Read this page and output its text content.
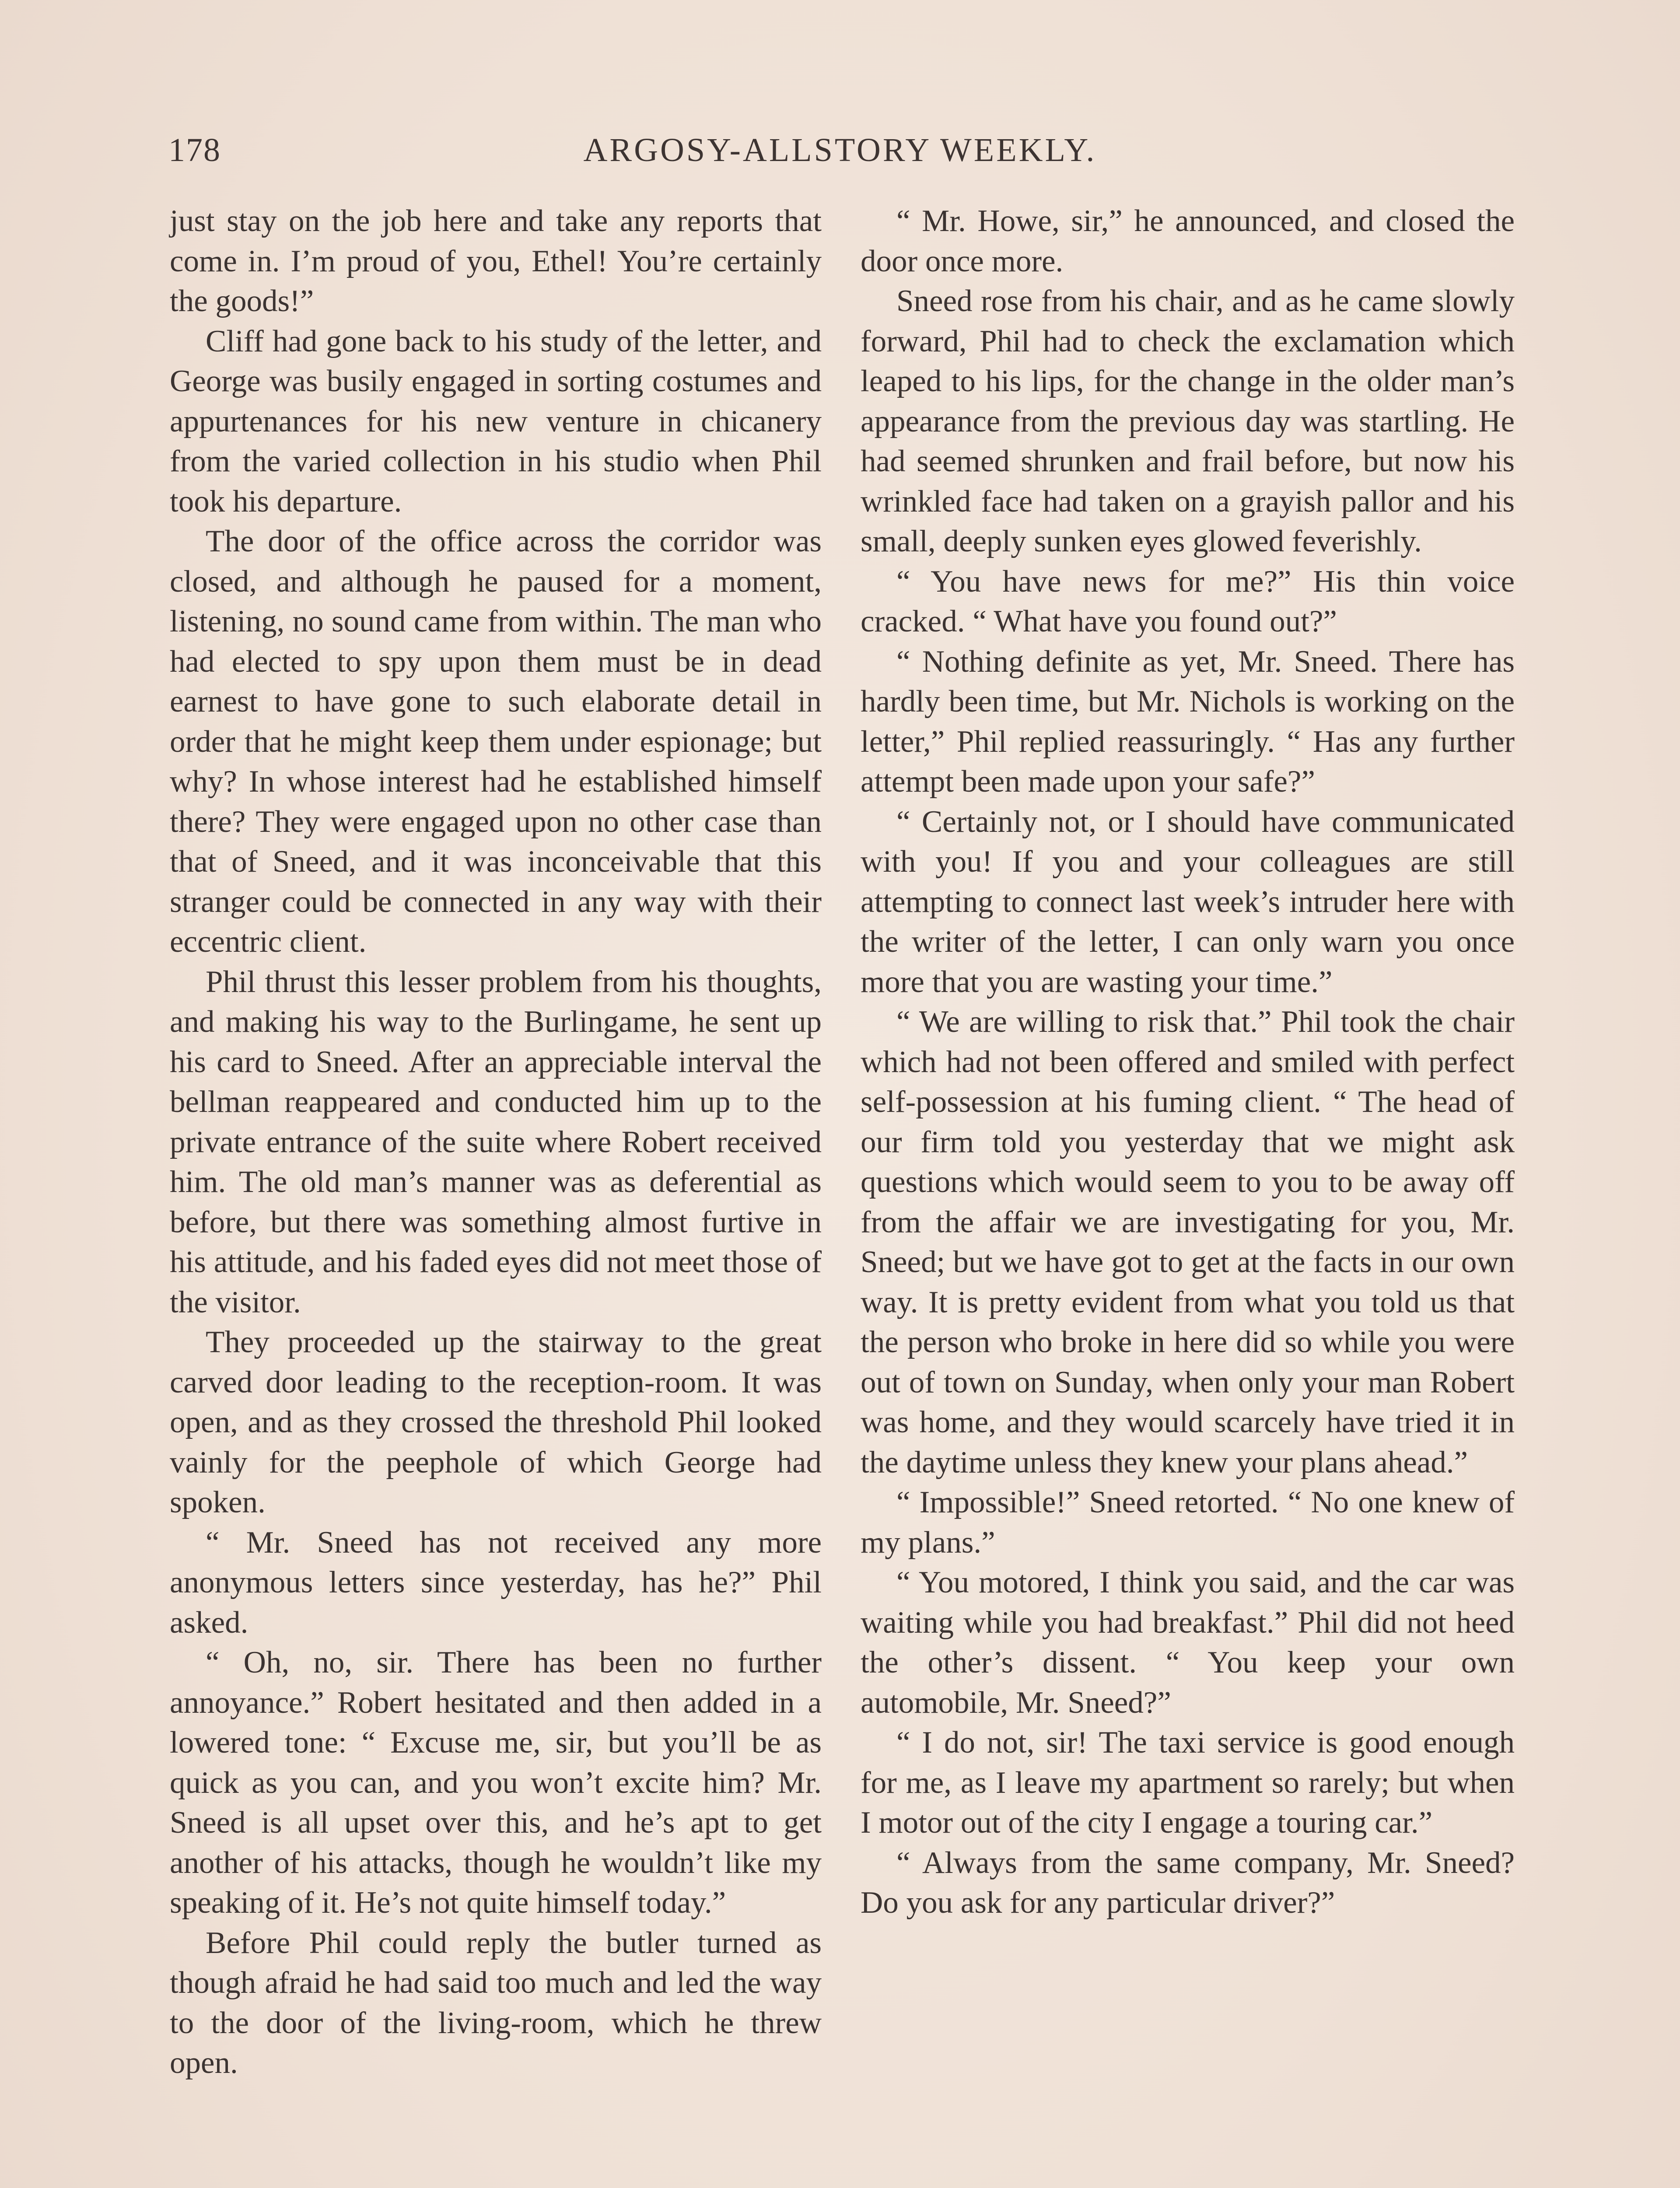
178	ARGOSY-ALLSTORY WEEKLY.

just stay on the job here and take any reports that come in. I’m proud of you, Ethel! You’re certainly the goods!”

Cliff had gone back to his study of the letter, and George was busily engaged in sorting costumes and appurtenances for his new venture in chicanery from the varied collection in his studio when Phil took his departure.

The door of the office across the corridor was closed, and although he paused for a moment, listening, no sound came from within. The man who had elected to spy upon them must be in dead earnest to have gone to such elaborate detail in order that he might keep them under espionage; but why? In whose interest had he established himself there? They were engaged upon no other case than that of Sneed, and it was inconceivable that this stranger could be connected in any way with their eccentric client.

Phil thrust this lesser problem from his thoughts, and making his way to the Burlingame, he sent up his card to Sneed. After an appreciable interval the bellman reappeared and conducted him up to the private entrance of the suite where Robert received him. The old man’s manner was as deferential as before, but there was something almost furtive in his attitude, and his faded eyes did not meet those of the visitor.

They proceeded up the stairway to the great carved door leading to the reception-room. It was open, and as they crossed the threshold Phil looked vainly for the peephole of which George had spoken.

“ Mr. Sneed has not received any more anonymous letters since yesterday, has he?” Phil asked.

“ Oh, no, sir. There has been no further annoyance.” Robert hesitated and then added in a lowered tone: “ Excuse me, sir, but you’ll be as quick as you can, and you won’t excite him? Mr. Sneed is all upset over this, and he’s apt to get another of his attacks, though he wouldn’t like my speaking of it. He’s not quite himself today.”

Before Phil could reply the butler turned as though afraid he had said too much and led the way to the door of the living-room, which he threw open.

“ Mr. Howe, sir,” he announced, and closed the door once more.

Sneed rose from his chair, and as he came slowly forward, Phil had to check the exclamation which leaped to his lips, for the change in the older man’s appearance from the previous day was startling. He had seemed shrunken and frail before, but now his wrinkled face had taken on a grayish pallor and his small, deeply sunken eyes glowed feverishly.

“ You have news for me?” His thin voice cracked. “ What have you found out?”

“ Nothing definite as yet, Mr. Sneed. There has hardly been time, but Mr. Nichols is working on the letter,” Phil replied reassuringly. “ Has any further attempt been made upon your safe?”

“ Certainly not, or I should have communicated with you! If you and your colleagues are still attempting to connect last week’s intruder here with the writer of the letter, I can only warn you once more that you are wasting your time.”

“ We are willing to risk that.” Phil took the chair which had not been offered and smiled with perfect self-possession at his fuming client. “ The head of our firm told you yesterday that we might ask questions which would seem to you to be away off from the affair we are investigating for you, Mr. Sneed; but we have got to get at the facts in our own way. It is pretty evident from what you told us that the person who broke in here did so while you were out of town on Sunday, when only your man Robert was home, and they would scarcely have tried it in the daytime unless they knew your plans ahead.”

“ Impossible!” Sneed retorted. “ No one knew of my plans.”

“ You motored, I think you said, and the car was waiting while you had breakfast.” Phil did not heed the other’s dissent. “ You keep your own automobile, Mr. Sneed?”

“ I do not, sir! The taxi service is good enough for me, as I leave my apartment so rarely; but when I motor out of the city I engage a touring car.”

“ Always from the same company, Mr. Sneed? Do you ask for any particular driver?”
